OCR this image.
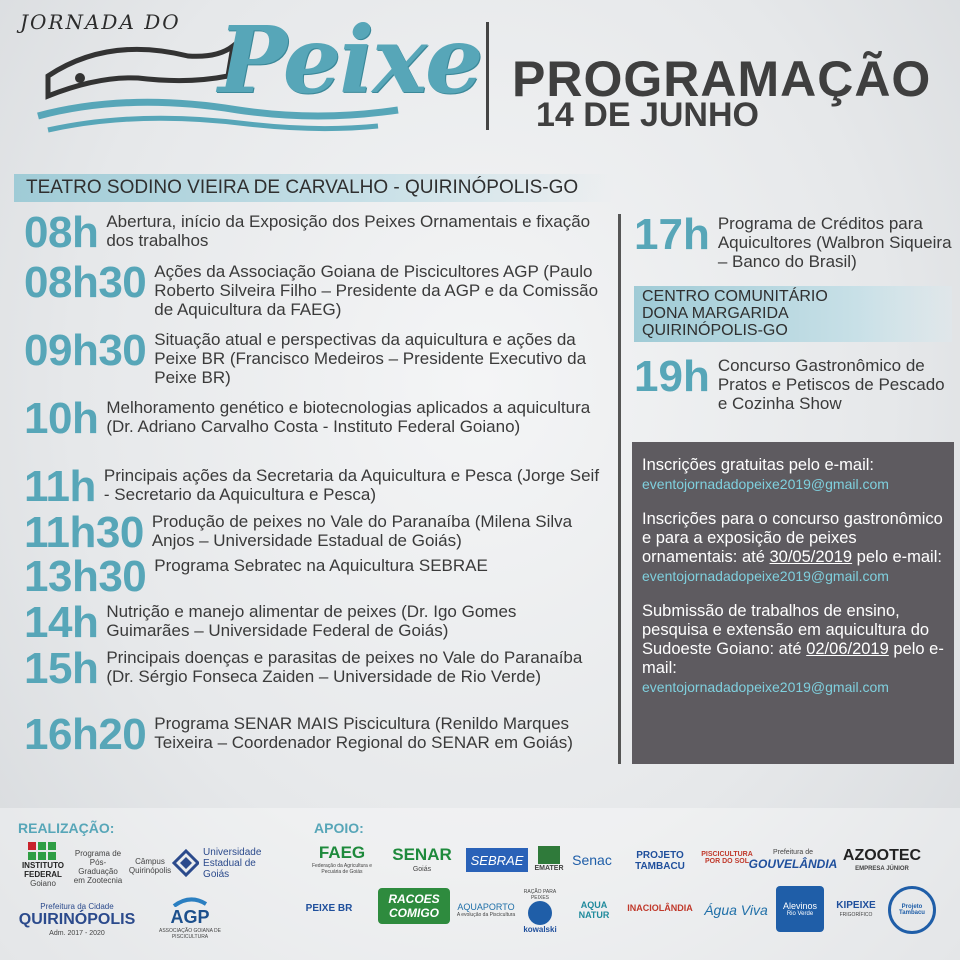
JORNADA DO Peixe PROGRAMAÇÃO
14 DE JUNHO
TEATRO SODINO VIEIRA DE CARVALHO - QUIRINÓPOLIS-GO
08h Abertura, início da Exposição dos Peixes Ornamentais e fixação dos trabalhos
08h30 Ações da Associação Goiana de Piscicultores AGP (Paulo Roberto Silveira Filho – Presidente da AGP e da Comissão de Aquicultura da FAEG)
09h30 Situação atual e perspectivas da aquicultura e ações da Peixe BR (Francisco Medeiros – Presidente Executivo da Peixe BR)
10h Melhoramento genético e biotecnologias aplicados a aquicultura (Dr. Adriano Carvalho Costa - Instituto Federal Goiano)
11h Principais ações da Secretaria da Aquicultura e Pesca (Jorge Seif - Secretario da Aquicultura e Pesca)
11h30 Produção de peixes no Vale do Paranaíba (Milena Silva Anjos – Universidade Estadual de Goiás)
13h30 Programa Sebratec na Aquicultura SEBRAE
14h Nutrição e manejo alimentar de peixes (Dr. Igo Gomes Guimarães – Universidade Federal de Goiás)
15h Principais doenças e parasitas de peixes no Vale do Paranaíba (Dr. Sérgio Fonseca Zaiden – Universidade de Rio Verde)
16h20 Programa SENAR MAIS Piscicultura (Renildo Marques Teixeira – Coordenador Regional do SENAR em Goiás)
17h Programa de Créditos para Aquicultores (Walbron Siqueira – Banco do Brasil)
CENTRO COMUNITÁRIO
DONA MARGARIDA
QUIRINÓPOLIS-GO
19h Concurso Gastronômico de Pratos e Petiscos de Pescado e Cozinha Show
Inscrições gratuitas pelo e-mail:
eventojornadadopeixe2019@gmail.com
Inscrições para o concurso gastronômico e para a exposição de peixes ornamentais: até 30/05/2019 pelo e-mail:
eventojornadadopeixe2019@gmail.com
Submissão de trabalhos de ensino, pesquisa e extensão em aquicultura do Sudoeste Goiano: até 02/06/2019 pelo e-mail:
eventojornadadopeixe2019@gmail.com
REALIZAÇÃO:	APOIO:
INSTITUTO
FEDERAL
Goiano
Programa de
Pós-Graduação
em Zootecnia
Câmpus
Quirinópolis
Universidade
Estadual de Goiás
Prefeitura da Cidade
QUIRINÓPOLIS
Adm. 2017 - 2020
AGP
ASSOCIAÇÃO GOIANA DE PISCICULTURA
FAEG
Federação da Agricultura e Pecuária de Goiás
SENAR
Goiás
SEBRAE
EMATER Senac	PROJETO TAMBACU
PISCICULTURA POR DO SOL
Prefeitura de
GOUVELÂNDIA AZOOTEC
EMPRESA JÚNIOR
PEIXE BR
RACOES COMIGO	AQUAPORTO
A evolução da Piscicultura
RAÇÃO PARA PEIXES
kowalski
AQUA NATUR
INACIOLÂNDIA Água Viva	Alevinos
Rio Verde
KIPEIXE
FRIGORÍFICO
Projeto Tambacu
